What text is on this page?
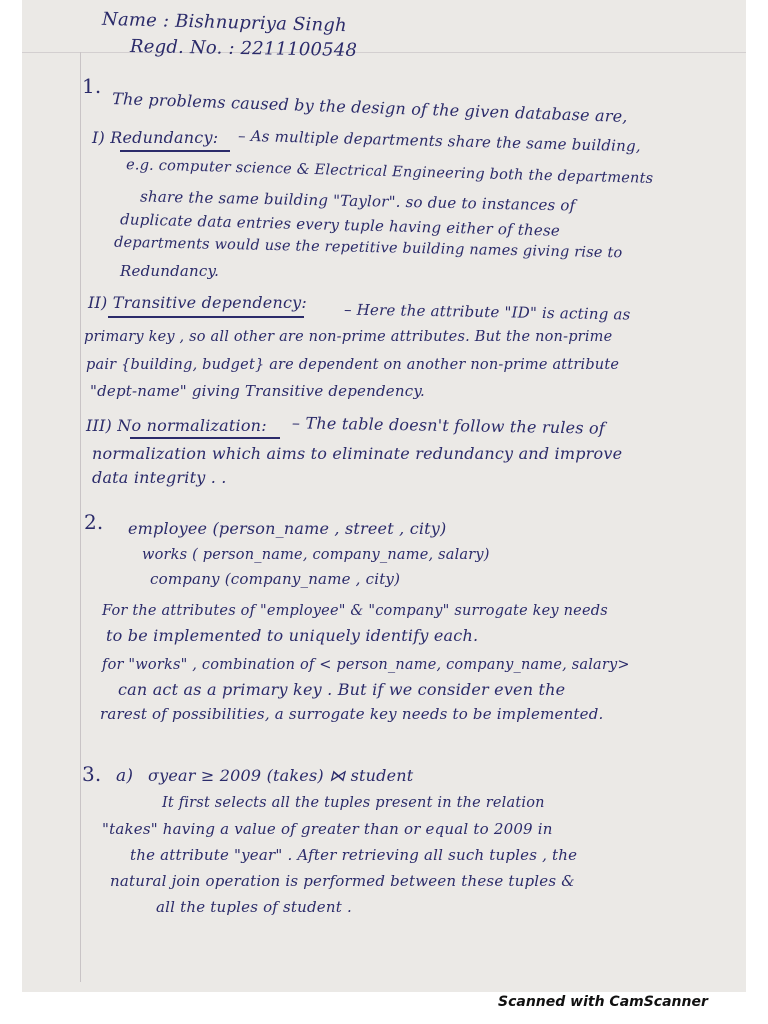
Name : Bishnupriya Singh
Regd. No. : 2211100548
1.
The problems caused by the design of the given database are,
I) Redundancy: – As multiple departments share the same building,
e.g. computer science & Electrical Engineering both the departments
share the same building "Taylor". so due to instances of
duplicate data entries every tuple having either of these
departments would use the repetitive building names giving rise to
Redundancy.
II) Transitive dependency: – Here the attribute "ID" is acting as
primary key , so all other are non-prime attributes. But the non-prime
pair {building, budget} are dependent on another non-prime attribute
"dept-name" giving Transitive dependency.
III) No normalization: – The table doesn't follow the rules of
normalization which aims to eliminate redundancy and improve
data integrity . .
2. employee (person_name , street , city)
works ( person_name, company_name, salary)
company (company_name , city)
For the attributes of "employee" & "company" surrogate key needs
to be implemented to uniquely identify each.
for "works" , combination of < person_name, company_name, salary>
can act as a primary key . But if we consider even the
rarest of possibilities, a surrogate key needs to be implemented.
3. a) σyear ≥ 2009 (takes) ⋈ student
It first selects all the tuples present in the relation
"takes" having a value of greater than or equal to 2009 in
the attribute "year" . After retrieving all such tuples , the
natural join operation is performed between these tuples &
all the tuples of student .
Scanned with CamScanner
